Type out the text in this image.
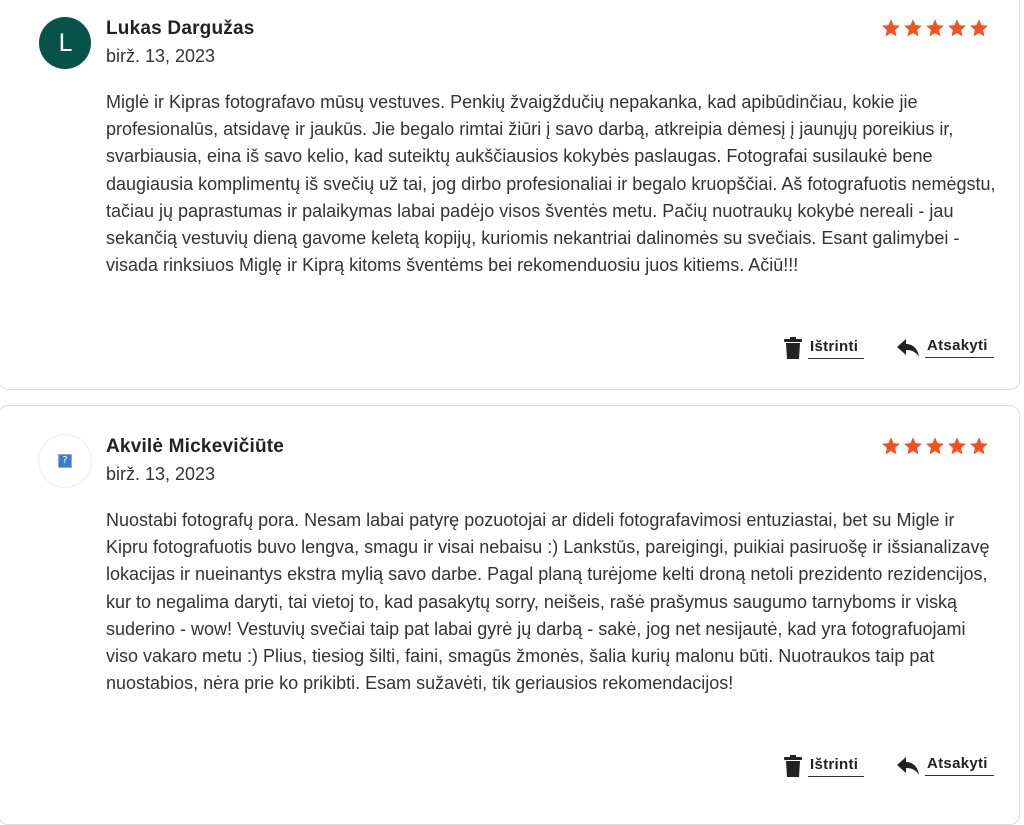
L
Lukas Dargužas
birž. 13, 2023
Miglė ir Kipras fotografavo mūsų vestuves. Penkių žvaigždučių nepakanka, kad apibūdinčiau, kokie jie profesionalūs, atsidavę ir jaukūs. Jie begalo rimtai žiūri į savo darbą, atkreipia dėmesį į jaunųjų poreikius ir, svarbiausia, eina iš savo kelio, kad suteiktų aukščiausios kokybės paslaugas. Fotografai susilaukė bene daugiausia komplimentų iš svečių už tai, jog dirbo profesionaliai ir begalo kruopščiai. Aš fotografuotis nemėgstu, tačiau jų paprastumas ir palaikymas labai padėjo visos šventės metu. Pačių nuotraukų kokybė nereali - jau sekančią vestuvių dieną gavome keletą kopijų, kuriomis nekantriai dalinomės su svečiais. Esant galimybei - visada rinksiuos Miglę ir Kiprą kitoms šventėms bei rekomenduosiu juos kitiems. Ačiū!!!
Ištrinti	Atsakyti
?
Akvilė Mickevičiūte
birž. 13, 2023
Nuostabi fotografų pora. Nesam labai patyrę pozuotojai ar dideli fotografavimosi entuziastai, bet su Migle ir Kipru fotografuotis buvo lengva, smagu ir visai nebaisu :) Lankstūs, pareigingi, puikiai pasiruošę ir išsianalizavę lokacijas ir nueinantys ekstra mylią savo darbe. Pagal planą turėjome kelti droną netoli prezidento rezidencijos, kur to negalima daryti, tai vietoj to, kad pasakytų sorry, neišeis, rašė prašymus saugumo tarnyboms ir viską suderino - wow! Vestuvių svečiai taip pat labai gyrė jų darbą - sakė, jog net nesijautė, kad yra fotografuojami viso vakaro metu :) Plius, tiesiog šilti, faini, smagūs žmonės, šalia kurių malonu būti. Nuotraukos taip pat nuostabios, nėra prie ko prikibti. Esam sužavėti, tik geriausios rekomendacijos!
Ištrinti	Atsakyti
